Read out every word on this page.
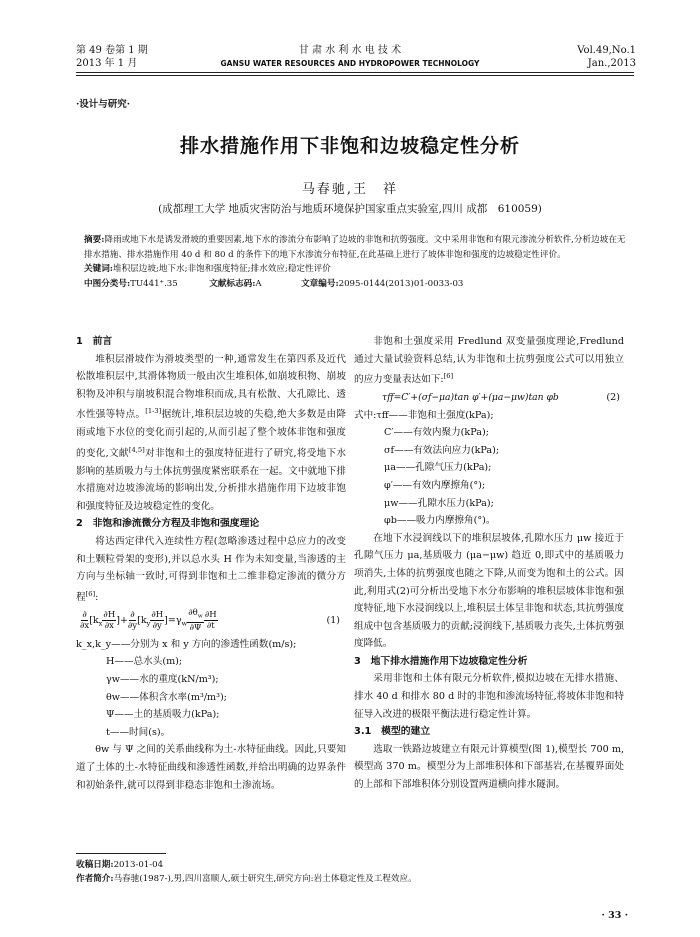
第 49 卷第 1 期
2013 年 1 月
甘 肃 水 利 水 电 技 术
GANSU WATER RESOURCES AND HYDROPOWER TECHNOLOGY
Vol.49,No.1
Jan.,2013
·设计与研究·
排水措施作用下非饱和边坡稳定性分析
马春驰,王　祥
(成都理工大学 地质灾害防治与地质环境保护国家重点实验室,四川 成都　610059)
摘要:降雨或地下水是诱发滑坡的重要因素,地下水的渗流分布影响了边坡的非饱和抗剪强度。文中采用非饱和有限元渗流分析软件,分析边坡在无排水措施、排水措施作用 40 d 和 80 d 的条件下的地下水渗流分布特征,在此基础上进行了坡体非饱和强度的边坡稳定性评价。
关键词:堆积层边坡;地下水;非饱和强度特征;排水效应;稳定性评价
中图分类号:TU441⁺.35	文献标志码:A	文章编号:2095-0144(2013)01-0033-03

1　前言

堆积层滑坡作为滑坡类型的一种,通常发生在第四系及近代松散堆积层中,其滑体物质一般由次生堆积体,如崩坡积物、崩坡积物及冲积与崩坡积混合物堆积而成,具有松散、大孔隙比、透水性强等特点。[1-3]据统计,堆积层边坡的失稳,绝大多数是由降雨或地下水位的变化而引起的,从而引起了整个坡体非饱和强度的变化,文献[4,5]对非饱和土的强度特征进行了研究,将受地下水影响的基质吸力与土体抗剪强度紧密联系在一起。文中就地下排水措施对边坡渗流场的影响出发,分析排水措施作用下边坡非饱和强度特征及边坡稳定性的变化。

2　非饱和渗流微分方程及非饱和强度理论

将达西定律代入连续性方程(忽略渗透过程中总应力的改变和土颗粒骨架的变形),并以总水头 H 作为未知变量,当渗透的主方向与坐标轴一致时,可得到非饱和土二维非稳定渗流的微分方程[6]:

$\frac{\partial}{\partial x} [k_x \frac{\partial H}{\partial x}$ ]+ $\frac{\partial}{\partial y} [k_y \frac{\partial H}{\partial y} ]=\gamma_w \frac{\partial\theta_w}{\partial\Psi} \frac{\partial H}{\partial t}$	(1)
k_x,k_y——分别为 x 和 y 方向的渗透性函数(m/s);
H——总水头(m);
γw——水的重度(kN/m³);
θw——体积含水率(m³/m³);
Ψ——土的基质吸力(kPa);
t——时间(s)。

θw 与 Ψ 之间的关系曲线称为土-水特征曲线。因此,只要知道了土体的土-水特征曲线和渗透性函数,并给出明确的边界条件和初始条件,就可以得到非稳态非饱和土渗流场。

非饱和土强度采用 Fredlund 双变量强度理论,Fredlund 通过大量试验资料总结,认为非饱和土抗剪强度公式可以用独立的应力变量表达如下:[6]

τff=C′+(σf−μa)tan φ′+(μa−μw)tan φb	(2)
式中:τff——非饱和土强度(kPa);
C′——有效内聚力(kPa);
σf——有效法向应力(kPa);
μa——孔隙气压力(kPa);
φ′——有效内摩擦角(°);
μw——孔隙水压力(kPa);
φb——吸力内摩擦角(°)。

在地下水浸润线以下的堆积层坡体,孔隙水压力 μw 接近于孔隙气压力 μa,基质吸力 (μa−μw) 趋近 0,即式中的基质吸力项消失,土体的抗剪强度也随之下降,从而变为饱和土的公式。因此,利用式(2)可分析出受地下水分布影响的堆积层坡体非饱和强度特征,地下水浸润线以上,堆积层土体呈非饱和状态,其抗剪强度组成中包含基质吸力的贡献;浸润线下,基质吸力丧失,土体抗剪强度降低。

3　地下排水措施作用下边坡稳定性分析

采用非饱和土体有限元分析软件,模拟边坡在无排水措施、排水 40 d 和排水 80 d 时的非饱和渗流场特征,将坡体非饱和特征导入改进的极限平衡法进行稳定性计算。

3.1　模型的建立

选取一铁路边坡建立有限元计算模型(图 1),模型长 700 m,模型高 370 m。模型分为上部堆积体和下部基岩,在基覆界面处的上部和下部堆积体分别设置两道横向排水隧洞。

收稿日期:2013-01-04
作者简介:马春驰(1987-),男,四川富顺人,硕士研究生,研究方向:岩土体稳定性及工程效应。
· 33 ·
